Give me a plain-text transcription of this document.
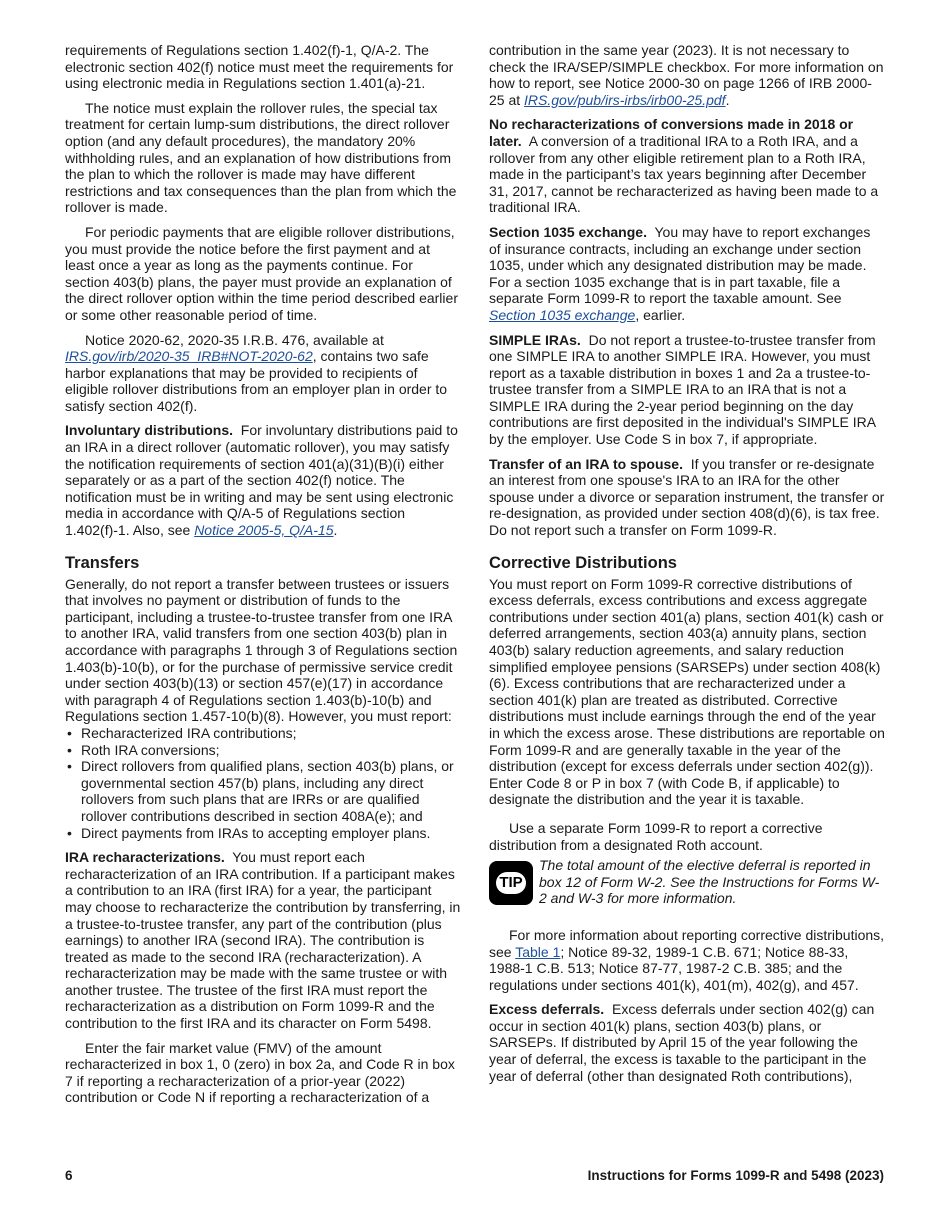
requirements of Regulations section 1.402(f)-1, Q/A-2. The electronic section 402(f) notice must meet the requirements for using electronic media in Regulations section 1.401(a)-21.

The notice must explain the rollover rules, the special tax treatment for certain lump-sum distributions, the direct rollover option (and any default procedures), the mandatory 20% withholding rules, and an explanation of how distributions from the plan to which the rollover is made may have different restrictions and tax consequences than the plan from which the rollover is made.

For periodic payments that are eligible rollover distributions, you must provide the notice before the first payment and at least once a year as long as the payments continue. For section 403(b) plans, the payer must provide an explanation of the direct rollover option within the time period described earlier or some other reasonable period of time.

Notice 2020-62, 2020-35 I.R.B. 476, available at IRS.gov/irb/2020-35_IRB#NOT-2020-62, contains two safe harbor explanations that may be provided to recipients of eligible rollover distributions from an employer plan in order to satisfy section 402(f).

Involuntary distributions. For involuntary distributions paid to an IRA in a direct rollover (automatic rollover), you may satisfy the notification requirements of section 401(a)(31)(B)(i) either separately or as a part of the section 402(f) notice. The notification must be in writing and may be sent using electronic media in accordance with Q/A-5 of Regulations section 1.402(f)-1. Also, see Notice 2005-5, Q/A-15.

Transfers

Generally, do not report a transfer between trustees or issuers that involves no payment or distribution of funds to the participant, including a trustee-to-trustee transfer from one IRA to another IRA, valid transfers from one section 403(b) plan in accordance with paragraphs 1 through 3 of Regulations section 1.403(b)-10(b), or for the purchase of permissive service credit under section 403(b)(13) or section 457(e)(17) in accordance with paragraph 4 of Regulations section 1.403(b)-10(b) and Regulations section 1.457-10(b)(8). However, you must report:

• Recharacterized IRA contributions;
• Roth IRA conversions;
• Direct rollovers from qualified plans, section 403(b) plans, or governmental section 457(b) plans, including any direct rollovers from such plans that are IRRs or are qualified rollover contributions described in section 408A(e); and
• Direct payments from IRAs to accepting employer plans.

IRA recharacterizations. You must report each recharacterization of an IRA contribution. If a participant makes a contribution to an IRA (first IRA) for a year, the participant may choose to recharacterize the contribution by transferring, in a trustee-to-trustee transfer, any part of the contribution (plus earnings) to another IRA (second IRA). The contribution is treated as made to the second IRA (recharacterization). A recharacterization may be made with the same trustee or with another trustee. The trustee of the first IRA must report the recharacterization as a distribution on Form 1099-R and the contribution to the first IRA and its character on Form 5498.

Enter the fair market value (FMV) of the amount recharacterized in box 1, 0 (zero) in box 2a, and Code R in box 7 if reporting a recharacterization of a prior-year (2022) contribution or Code N if reporting a recharacterization of a

contribution in the same year (2023). It is not necessary to check the IRA/SEP/SIMPLE checkbox. For more information on how to report, see Notice 2000-30 on page 1266 of IRB 2000-25 at IRS.gov/pub/irs-irbs/irb00-25.pdf.

No recharacterizations of conversions made in 2018 or later. A conversion of a traditional IRA to a Roth IRA, and a rollover from any other eligible retirement plan to a Roth IRA, made in the participant’s tax years beginning after December 31, 2017, cannot be recharacterized as having been made to a traditional IRA.

Section 1035 exchange. You may have to report exchanges of insurance contracts, including an exchange under section 1035, under which any designated distribution may be made. For a section 1035 exchange that is in part taxable, file a separate Form 1099-R to report the taxable amount. See Section 1035 exchange, earlier.

SIMPLE IRAs. Do not report a trustee-to-trustee transfer from one SIMPLE IRA to another SIMPLE IRA. However, you must report as a taxable distribution in boxes 1 and 2a a trustee-to-trustee transfer from a SIMPLE IRA to an IRA that is not a SIMPLE IRA during the 2-year period beginning on the day contributions are first deposited in the individual's SIMPLE IRA by the employer. Use Code S in box 7, if appropriate.

Transfer of an IRA to spouse. If you transfer or re-designate an interest from one spouse's IRA to an IRA for the other spouse under a divorce or separation instrument, the transfer or re-designation, as provided under section 408(d)(6), is tax free. Do not report such a transfer on Form 1099-R.

Corrective Distributions

You must report on Form 1099-R corrective distributions of excess deferrals, excess contributions and excess aggregate contributions under section 401(a) plans, section 401(k) cash or deferred arrangements, section 403(a) annuity plans, section 403(b) salary reduction agreements, and salary reduction simplified employee pensions (SARSEPs) under section 408(k)(6). Excess contributions that are recharacterized under a section 401(k) plan are treated as distributed. Corrective distributions must include earnings through the end of the year in which the excess arose. These distributions are reportable on Form 1099-R and are generally taxable in the year of the distribution (except for excess deferrals under section 402(g)). Enter Code 8 or P in box 7 (with Code B, if applicable) to designate the distribution and the year it is taxable.

Use a separate Form 1099-R to report a corrective distribution from a designated Roth account.

TIP
The total amount of the elective deferral is reported in box 12 of Form W-2. See the Instructions for Forms W-2 and W-3 for more information.

For more information about reporting corrective distributions, see Table 1; Notice 89-32, 1989-1 C.B. 671; Notice 88-33, 1988-1 C.B. 513; Notice 87-77, 1987-2 C.B. 385; and the regulations under sections 401(k), 401(m), 402(g), and 457.

Excess deferrals. Excess deferrals under section 402(g) can occur in section 401(k) plans, section 403(b) plans, or SARSEPs. If distributed by April 15 of the year following the year of deferral, the excess is taxable to the participant in the year of deferral (other than designated Roth contributions),

6	Instructions for Forms 1099-R and 5498 (2023)
